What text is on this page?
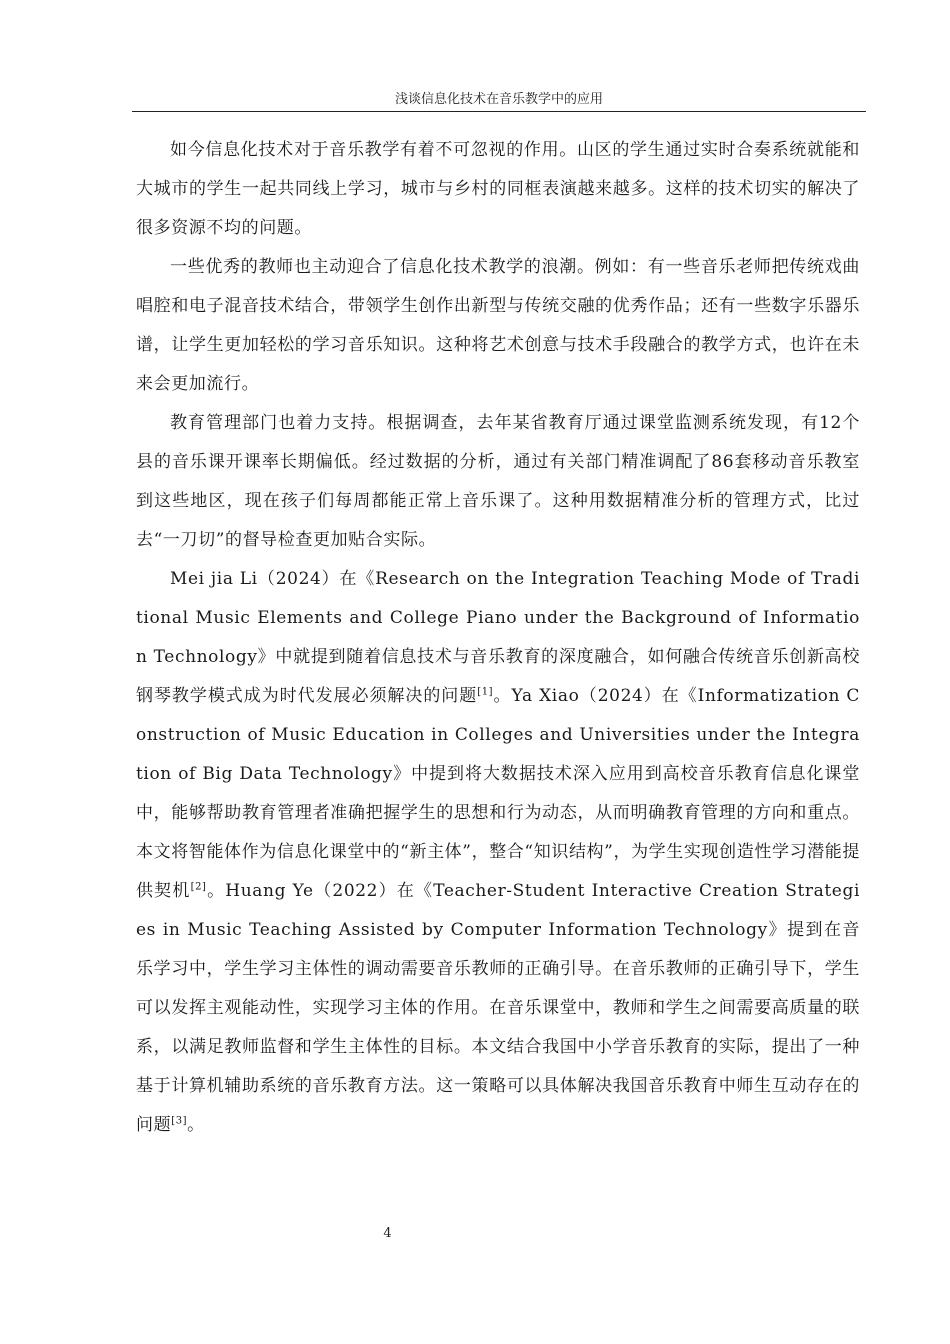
浅谈信息化技术在音乐教学中的应用

如今信息化技术对于音乐教学有着不可忽视的作用。山区的学生通过实时合奏系统就能和大城市的学生一起共同线上学习，城市与乡村的同框表演越来越多。这样的技术切实的解决了很多资源不均的问题。

一些优秀的教师也主动迎合了信息化技术教学的浪潮。例如：有一些音乐老师把传统戏曲唱腔和电子混音技术结合，带领学生创作出新型与传统交融的优秀作品；还有一些数字乐器乐谱，让学生更加轻松的学习音乐知识。这种将艺术创意与技术手段融合的教学方式，也许在未来会更加流行。

教育管理部门也着力支持。根据调查，去年某省教育厅通过课堂监测系统发现，有12个县的音乐课开课率长期偏低。经过数据的分析，通过有关部门精准调配了86套移动音乐教室到这些地区，现在孩子们每周都能正常上音乐课了。这种用数据精准分析的管理方式，比过去“一刀切”的督导检查更加贴合实际。

Mei jia Li（2024）在《Research on the Integration Teaching Mode of Traditional Music Elements and College Piano under the Background of Information Technology》中就提到随着信息技术与音乐教育的深度融合，如何融合传统音乐创新高校钢琴教学模式成为时代发展必须解决的问题[1]。Ya Xiao（2024）在《Informatization Construction of Music Education in Colleges and Universities under the Integration of Big Data Technology》中提到将大数据技术深入应用到高校音乐教育信息化课堂中，能够帮助教育管理者准确把握学生的思想和行为动态，从而明确教育管理的方向和重点。本文将智能体作为信息化课堂中的“新主体”，整合“知识结构”，为学生实现创造性学习潜能提供契机[2]。Huang Ye（2022）在《Teacher-Student Interactive Creation Strategies in Music Teaching Assisted by Computer Information Technology》提到在音乐学习中，学生学习主体性的调动需要音乐教师的正确引导。在音乐教师的正确引导下，学生可以发挥主观能动性，实现学习主体的作用。在音乐课堂中，教师和学生之间需要高质量的联系，以满足教师监督和学生主体性的目标。本文结合我国中小学音乐教育的实际，提出了一种基于计算机辅助系统的音乐教育方法。这一策略可以具体解决我国音乐教育中师生互动存在的问题[3]。

4
